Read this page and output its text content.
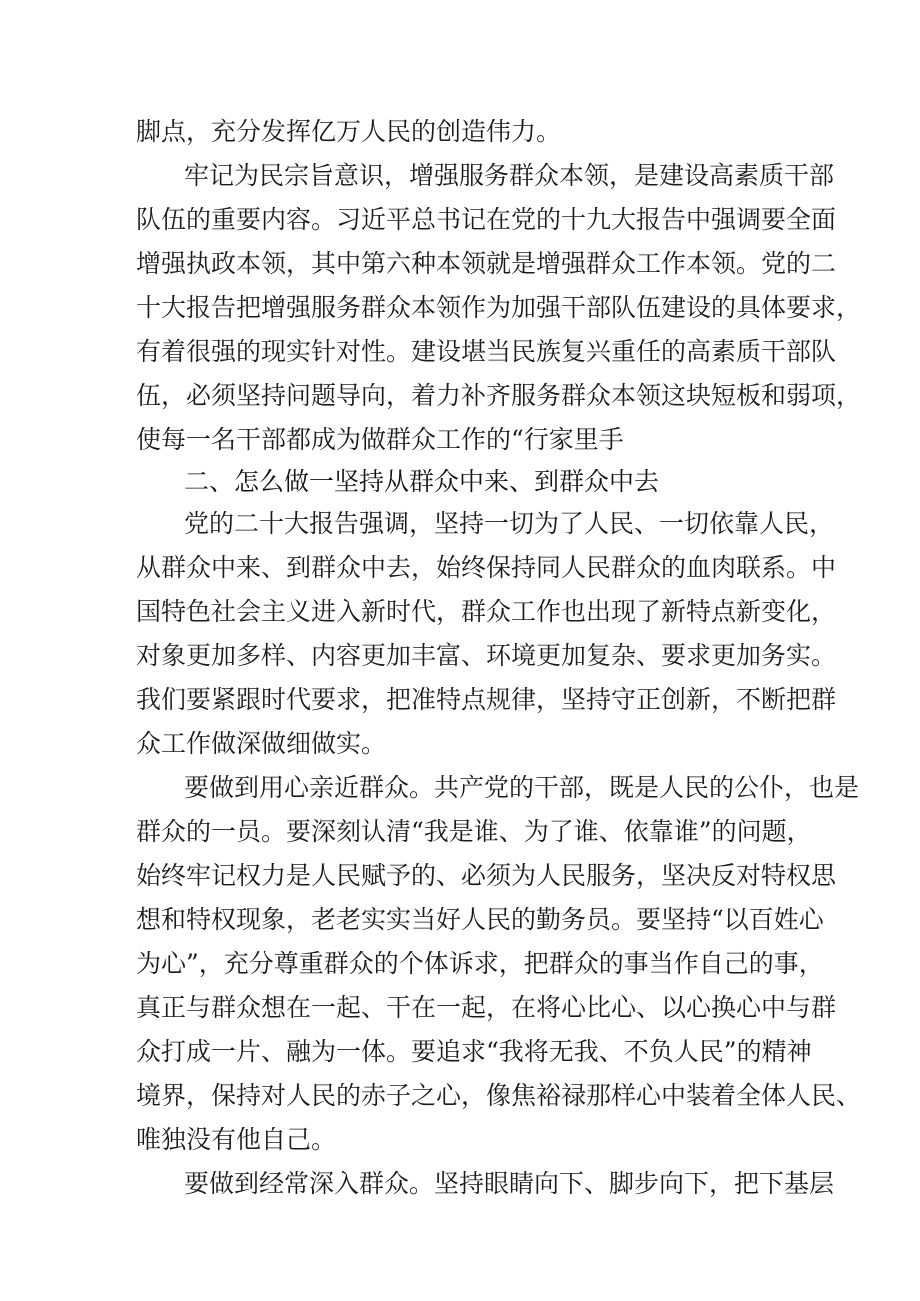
脚点，充分发挥亿万人民的创造伟力。
牢记为民宗旨意识，增强服务群众本领，是建设高素质干部
队伍的重要内容。习近平总书记在党的十九大报告中强调要全面
增强执政本领，其中第六种本领就是增强群众工作本领。党的二
十大报告把增强服务群众本领作为加强干部队伍建设的具体要求，
有着很强的现实针对性。建设堪当民族复兴重任的高素质干部队
伍，必须坚持问题导向，着力补齐服务群众本领这块短板和弱项，
使每一名干部都成为做群众工作的“行家里手
二、怎么做一坚持从群众中来、到群众中去
党的二十大报告强调，坚持一切为了人民、一切依靠人民，
从群众中来、到群众中去，始终保持同人民群众的血肉联系。中
国特色社会主义进入新时代，群众工作也出现了新特点新变化，
对象更加多样、内容更加丰富、环境更加复杂、要求更加务实。
我们要紧跟时代要求，把准特点规律，坚持守正创新，不断把群
众工作做深做细做实。
要做到用心亲近群众。共产党的干部，既是人民的公仆，也是
群众的一员。要深刻认清“我是谁、为了谁、依靠谁”的问题，
始终牢记权力是人民赋予的、必须为人民服务，坚决反对特权思
想和特权现象，老老实实当好人民的勤务员。要坚持“以百姓心
为心”，充分尊重群众的个体诉求，把群众的事当作自己的事，
真正与群众想在一起、干在一起，在将心比心、以心换心中与群
众打成一片、融为一体。要追求“我将无我、不负人民”的精神
境界，保持对人民的赤子之心，像焦裕禄那样心中装着全体人民、
唯独没有他自己。
要做到经常深入群众。坚持眼睛向下、脚步向下，把下基层
